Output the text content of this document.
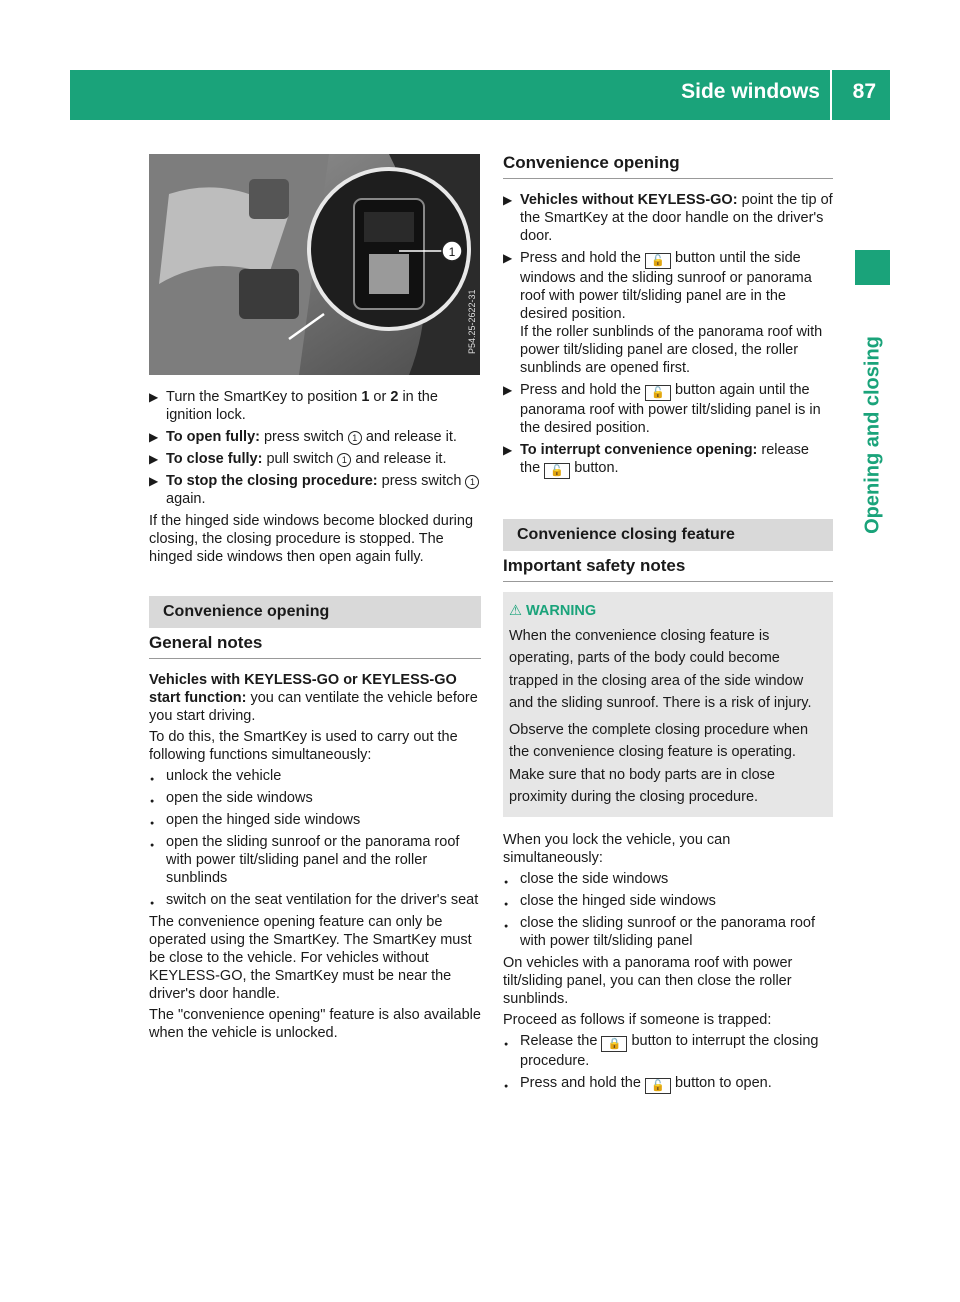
Side windows 87
Opening and closing
1
P54.25-2622-31
▶ Turn the SmartKey to position 1 or 2 in the ignition lock.
▶ To open fully: press switch 1 and release it.
▶ To close fully: pull switch 1 and release it.
▶ To stop the closing procedure: press switch 1 again.

If the hinged side windows become blocked during closing, the closing procedure is stopped. The hinged side windows then open again fully.

Convenience opening
General notes

Vehicles with KEYLESS-GO or KEYLESS-GO start function: you can ventilate the vehicle before you start driving.

To do this, the SmartKey is used to carry out the following functions simultaneously:

● unlock the vehicle
● open the side windows
● open the hinged side windows
● open the sliding sunroof or the panorama roof with power tilt/sliding panel and the roller sunblinds
● switch on the seat ventilation for the driver's seat

The convenience opening feature can only be operated using the SmartKey. The SmartKey must be close to the vehicle. For vehicles without KEYLESS-GO, the SmartKey must be near the driver's door handle.

The "convenience opening" feature is also available when the vehicle is unlocked.

Convenience opening
▶ Vehicles without KEYLESS-GO: point the tip of the SmartKey at the door handle on the driver's door.
▶ Press and hold the 🔓 button until the side windows and the sliding sunroof or panorama roof with power tilt/sliding panel are in the desired position.
If the roller sunblinds of the panorama roof with power tilt/sliding panel are closed, the roller sunblinds are opened first.
▶ Press and hold the 🔓 button again until the panorama roof with power tilt/sliding panel is in the desired position.
▶ To interrupt convenience opening: release the 🔓 button.
Convenience closing feature
Important safety notes
⚠ WARNING
When the convenience closing feature is operating, parts of the body could become trapped in the closing area of the side window and the sliding sunroof. There is a risk of injury.
Observe the complete closing procedure when the convenience closing feature is operating. Make sure that no body parts are in close proximity during the closing procedure.

When you lock the vehicle, you can simultaneously:

● close the side windows
● close the hinged side windows
● close the sliding sunroof or the panorama roof with power tilt/sliding panel

On vehicles with a panorama roof with power tilt/sliding panel, you can then close the roller sunblinds.

Proceed as follows if someone is trapped:

● Release the 🔒 button to interrupt the closing procedure.
● Press and hold the 🔓 button to open.
